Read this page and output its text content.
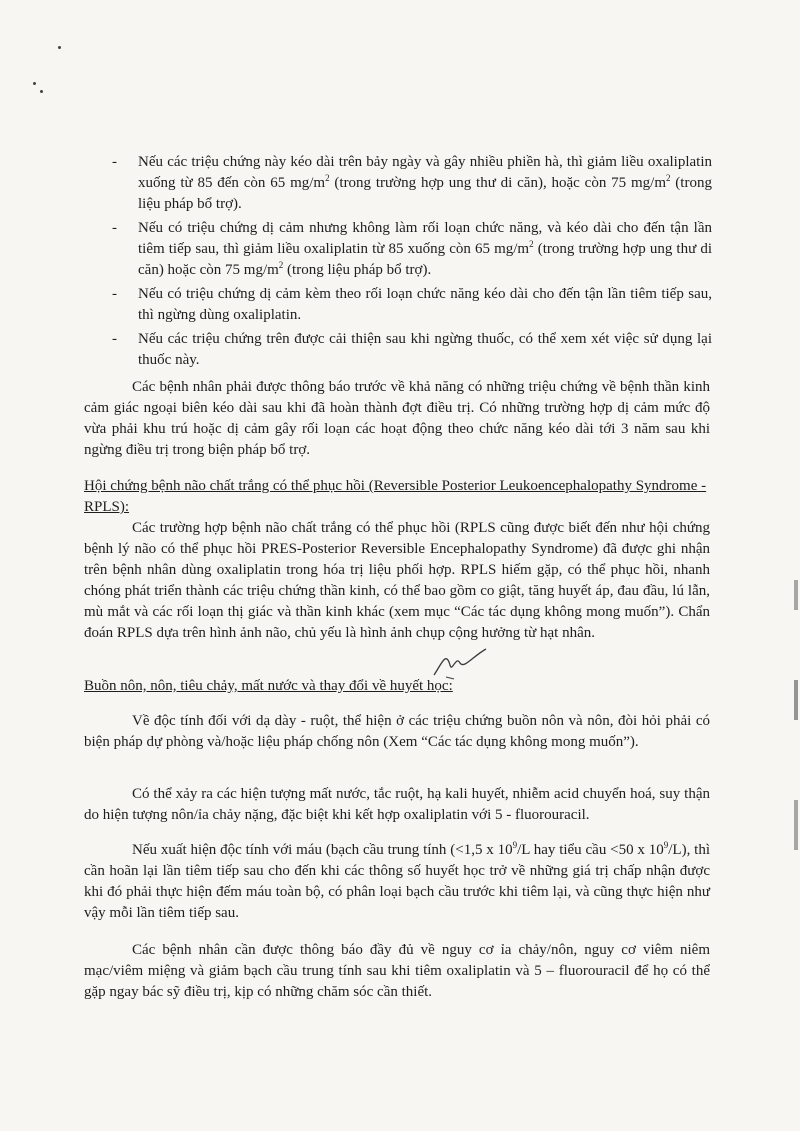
- Nếu các triệu chứng này kéo dài trên bảy ngày và gây nhiều phiền hà, thì giảm liều oxaliplatin xuống từ 85 đến còn 65 $mg/m^2$ (trong trường hợp ung thư di căn), hoặc còn 75 $mg/m^2$ (trong liệu pháp bổ trợ).
- Nếu có triệu chứng dị cảm nhưng không làm rối loạn chức năng, và kéo dài cho đến tận lần tiêm tiếp sau, thì giảm liều oxaliplatin từ 85 xuống còn 65 $mg/m^2$ (trong trường hợp ung thư di căn) hoặc còn 75 $mg/m^2$ (trong liệu pháp bổ trợ).
- Nếu có triệu chứng dị cảm kèm theo rối loạn chức năng kéo dài cho đến tận lần tiêm tiếp sau, thì ngừng dùng oxaliplatin.
- Nếu các triệu chứng trên được cải thiện sau khi ngừng thuốc, có thể xem xét việc sử dụng lại thuốc này.

Các bệnh nhân phải được thông báo trước về khả năng có những triệu chứng về bệnh thần kinh cảm giác ngoại biên kéo dài sau khi đã hoàn thành đợt điều trị. Có những trường hợp dị cảm mức độ vừa phải khu trú hoặc dị cảm gây rối loạn các hoạt động theo chức năng kéo dài tới 3 năm sau khi ngừng điều trị trong biện pháp bổ trợ.

Hội chứng bệnh não chất trắng có thể phục hồi (Reversible Posterior Leukoencephalopathy Syndrome - RPLS):

Các trường hợp bệnh não chất trắng có thể phục hồi (RPLS cũng được biết đến như hội chứng bệnh lý não có thể phục hồi PRES-Posterior Reversible Encephalopathy Syndrome) đã được ghi nhận trên bệnh nhân dùng oxaliplatin trong hóa trị liệu phối hợp. RPLS hiếm gặp, có thể phục hồi, nhanh chóng phát triển thành các triệu chứng thần kinh, có thể bao gồm co giật, tăng huyết áp, đau đầu, lú lẫn, mù mắt và các rối loạn thị giác và thần kinh khác (xem mục “Các tác dụng không mong muốn”). Chẩn đoán RPLS dựa trên hình ảnh não, chủ yếu là hình ảnh chụp cộng hưởng từ hạt nhân.

Buồn nôn, nôn, tiêu chảy, mất nước và thay đổi về huyết học:

Về độc tính đối với dạ dày - ruột, thể hiện ở các triệu chứng buồn nôn và nôn, đòi hỏi phải có biện pháp dự phòng và/hoặc liệu pháp chống nôn (Xem “Các tác dụng không mong muốn”).

Có thể xảy ra các hiện tượng mất nước, tắc ruột, hạ kali huyết, nhiễm acid chuyển hoá, suy thận do hiện tượng nôn/ỉa chảy nặng, đặc biệt khi kết hợp oxaliplatin với 5 - fluorouracil.

Nếu xuất hiện độc tính với máu (bạch cầu trung tính (<1,5 x $10^9/L$ hay tiểu cầu <50 x $10^9/L$), thì cần hoãn lại lần tiêm tiếp sau cho đến khi các thông số huyết học trở về những giá trị chấp nhận được khi đó phải thực hiện đếm máu toàn bộ, có phân loại bạch cầu trước khi tiêm lại, và cũng thực hiện như vậy mỗi lần tiêm tiếp sau.

Các bệnh nhân cần được thông báo đầy đủ về nguy cơ ỉa chảy/nôn, nguy cơ viêm niêm mạc/viêm miệng và giảm bạch cầu trung tính sau khi tiêm oxaliplatin và 5 – fluorouracil để họ có thể gặp ngay bác sỹ điều trị, kịp có những chăm sóc cần thiết.
